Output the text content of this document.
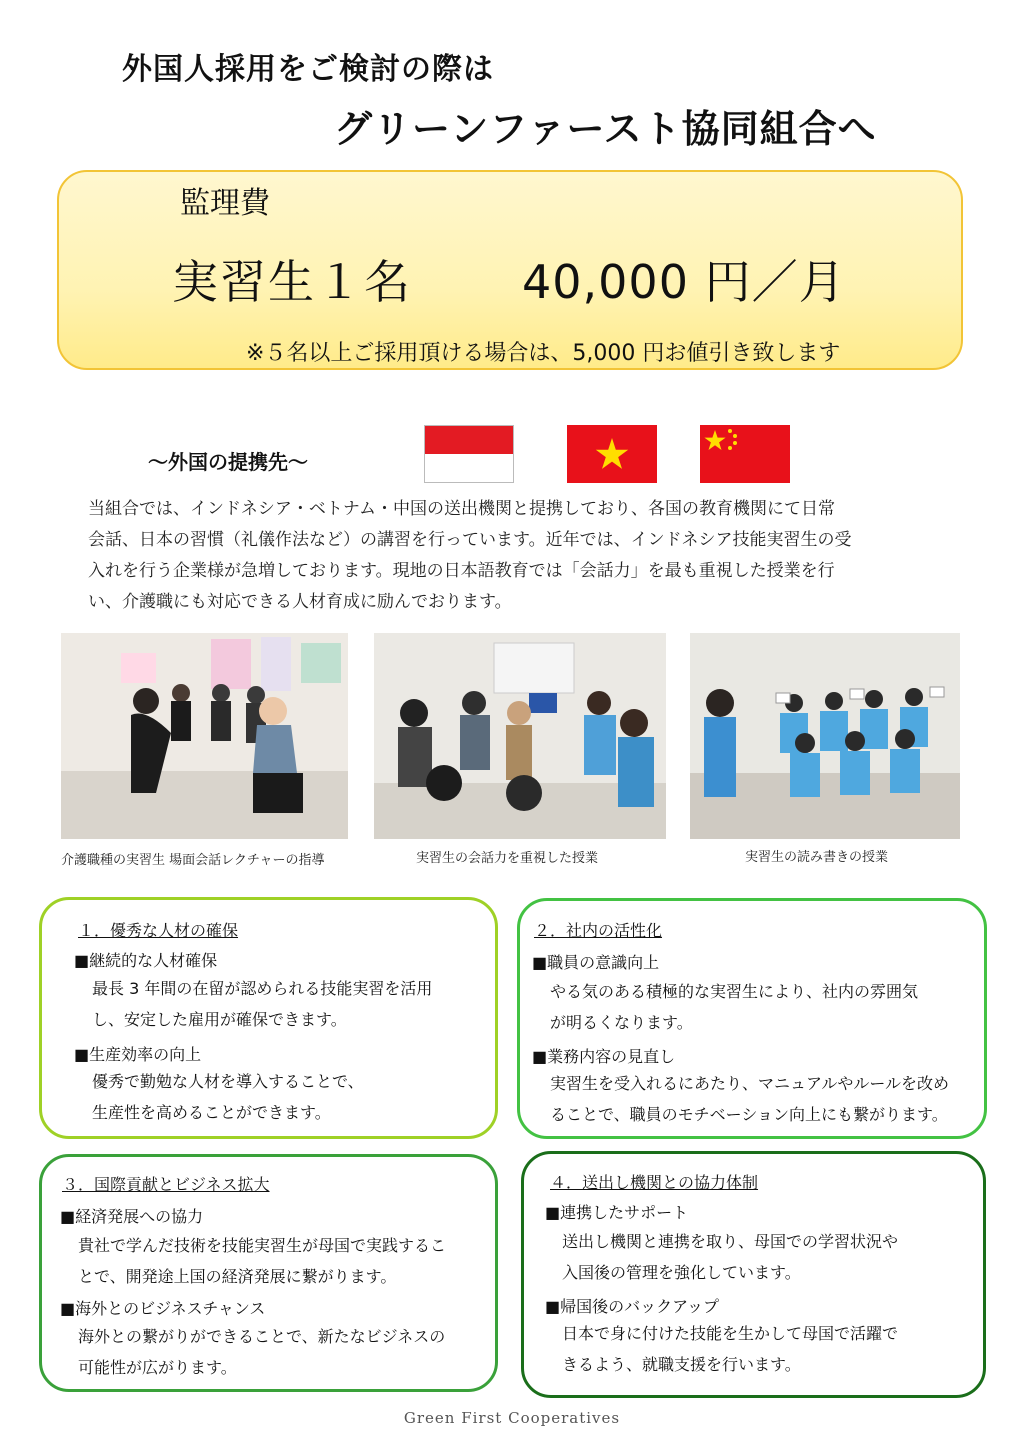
外国人採用をご検討の際は
グリーンファースト協同組合へ
監理費
実習生１名 40,000 円／月
※５名以上ご採用頂ける場合は、5,000 円お値引き致します
～外国の提携先～
当組合では、インドネシア・ベトナム・中国の送出機関と提携しており、各国の教育機関にて日常
会話、日本の習慣（礼儀作法など）の講習を行っています。近年では、インドネシア技能実習生の受
入れを行う企業様が急増しております。現地の日本語教育では「会話力」を最も重視した授業を行
い、介護職にも対応できる人材育成に励んでおります。
介護職種の実習生 場面会話レクチャーの指導	実習生の会話力を重視した授業	実習生の読み書きの授業
１．優秀な人材の確保
■継続的な人材確保
最長 3 年間の在留が認められる技能実習を活用
し、安定した雇用が確保できます。
■生産効率の向上
優秀で勤勉な人材を導入することで、
生産性を高めることができます。
２．社内の活性化
■職員の意識向上
やる気のある積極的な実習生により、社内の雰囲気
が明るくなります。
■業務内容の見直し
実習生を受入れるにあたり、マニュアルやルールを改め
ることで、職員のモチベーション向上にも繋がります。
３．国際貢献とビジネス拡大
■経済発展への協力
貴社で学んだ技術を技能実習生が母国で実践するこ
とで、開発途上国の経済発展に繋がります。
■海外とのビジネスチャンス
海外との繋がりができることで、新たなビジネスの
可能性が広がります。
４．送出し機関との協力体制
■連携したサポート
送出し機関と連携を取り、母国での学習状況や
入国後の管理を強化しています。
■帰国後のバックアップ
日本で身に付けた技能を生かして母国で活躍で
きるよう、就職支援を行います。
Green First Cooperatives
